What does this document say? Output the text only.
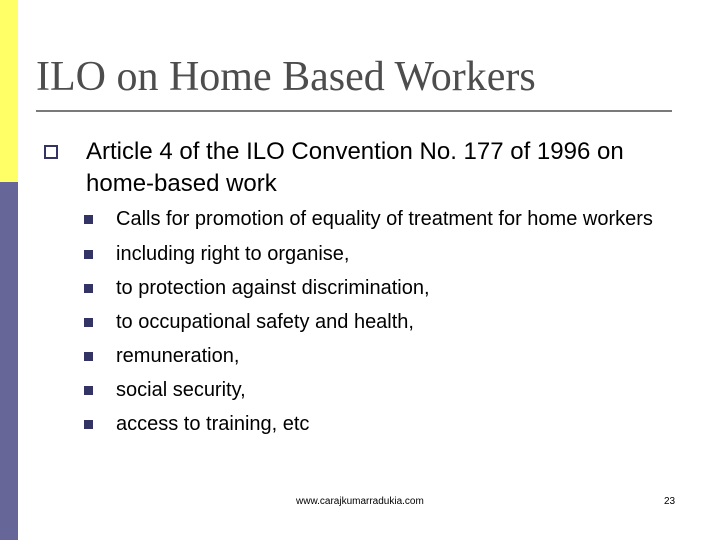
ILO on Home Based Workers
Article 4 of the ILO Convention No. 177 of 1996 on home-based work
Calls for promotion of equality of treatment for home workers
including right to organise,
to protection against discrimination,
to occupational safety and health,
remuneration,
social security,
access to training, etc
www.carajkumarradukia.com	23
